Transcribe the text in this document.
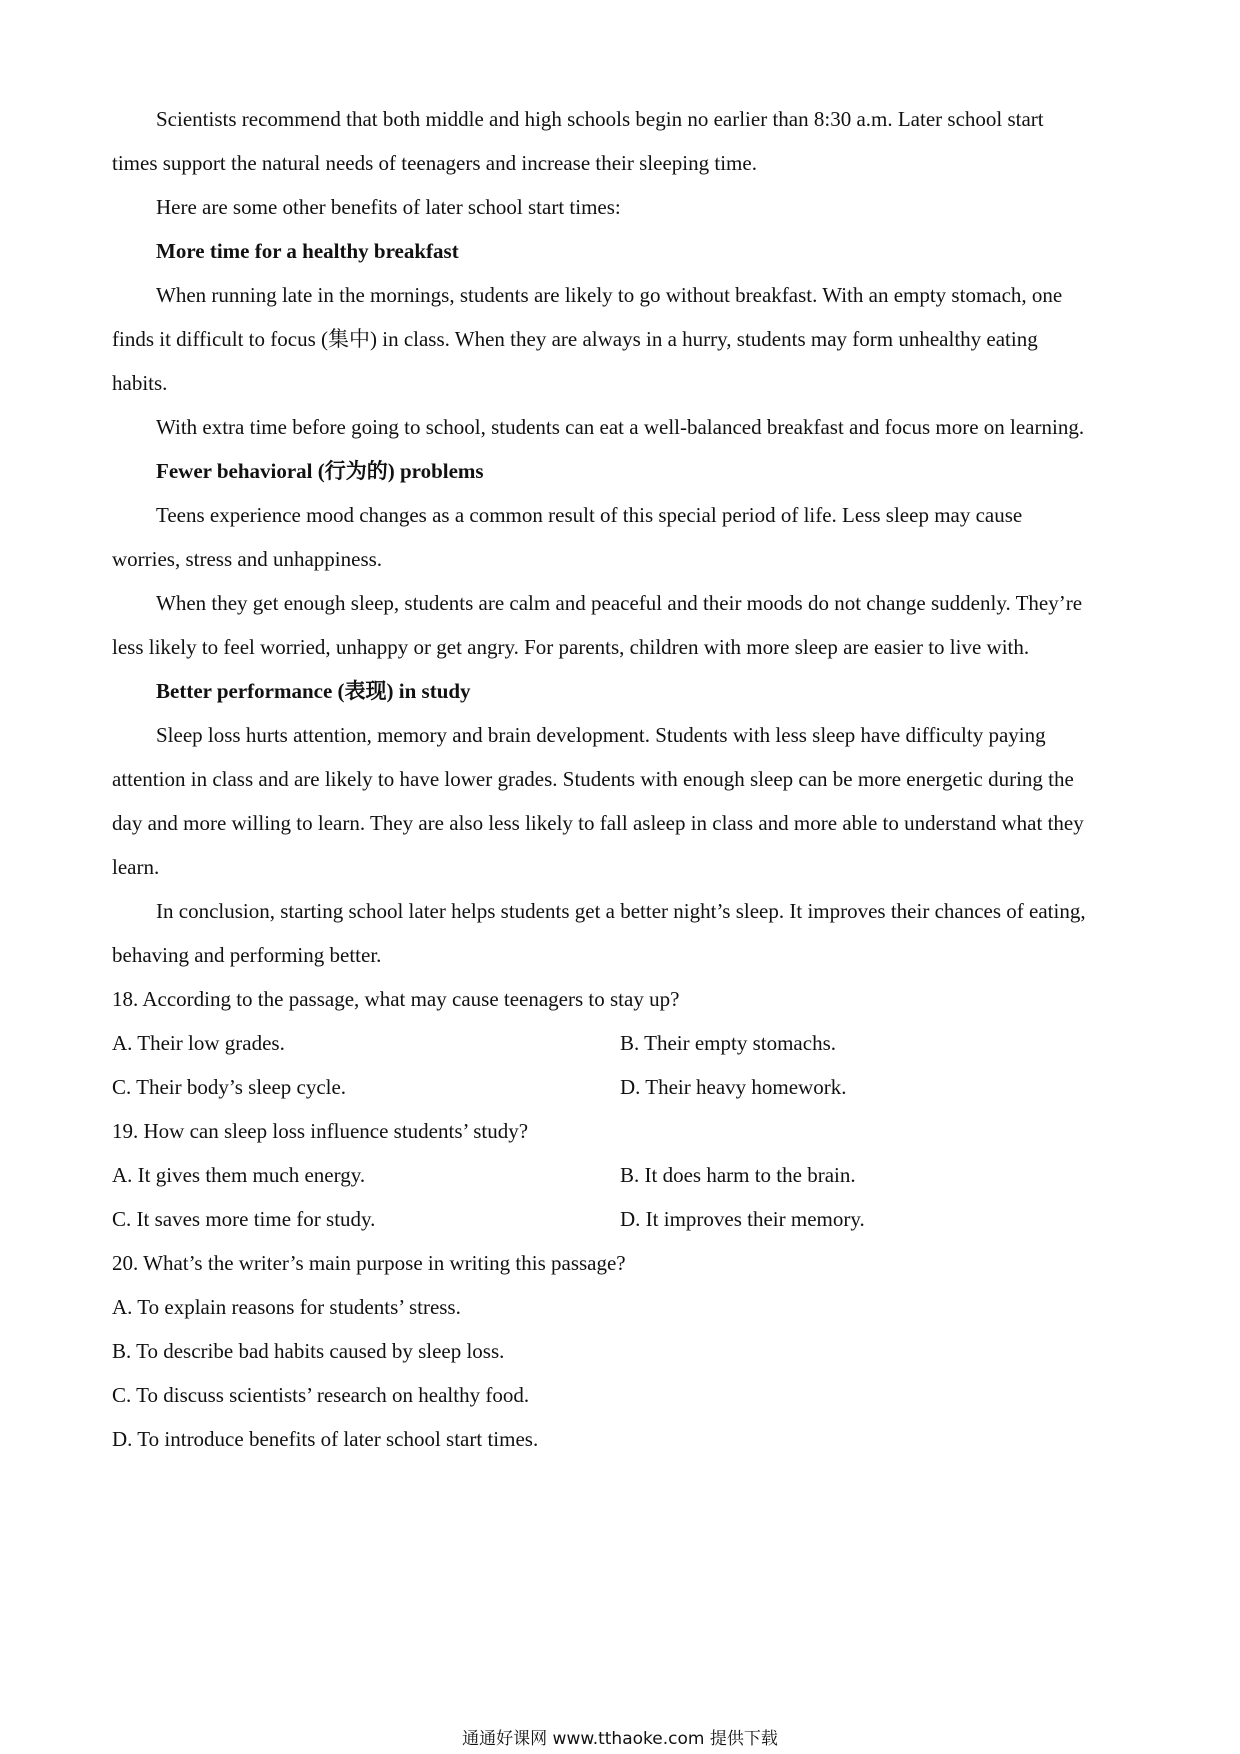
Scientists recommend that both middle and high schools begin no earlier than 8:30 a.m. Later school start
times support the natural needs of teenagers and increase their sleeping time.
Here are some other benefits of later school start times:
More time for a healthy breakfast
When running late in the mornings, students are likely to go without breakfast. With an empty stomach, one
finds it difficult to focus (集中) in class. When they are always in a hurry, students may form unhealthy eating
habits.
With extra time before going to school, students can eat a well-balanced breakfast and focus more on learning.
Fewer behavioral (行为的) problems
Teens experience mood changes as a common result of this special period of life. Less sleep may cause
worries, stress and unhappiness.
When they get enough sleep, students are calm and peaceful and their moods do not change suddenly. They’re
less likely to feel worried, unhappy or get angry. For parents, children with more sleep are easier to live with.
Better performance (表现) in study
Sleep loss hurts attention, memory and brain development. Students with less sleep have difficulty paying
attention in class and are likely to have lower grades. Students with enough sleep can be more energetic during the
day and more willing to learn. They are also less likely to fall asleep in class and more able to understand what they
learn.
In conclusion, starting school later helps students get a better night’s sleep. It improves their chances of eating,
behaving and performing better.
18. According to the passage, what may cause teenagers to stay up?
A. Their low grades.	B. Their empty stomachs.
C. Their body’s sleep cycle.	D. Their heavy homework.
19. How can sleep loss influence students’ study?
A. It gives them much energy.	B. It does harm to the brain.
C. It saves more time for study.	D. It improves their memory.
20. What’s the writer’s main purpose in writing this passage?
A. To explain reasons for students’ stress.
B. To describe bad habits caused by sleep loss.
C. To discuss scientists’ research on healthy food.
D. To introduce benefits of later school start times.
通通好课网 www.tthaoke.com 提供下载
